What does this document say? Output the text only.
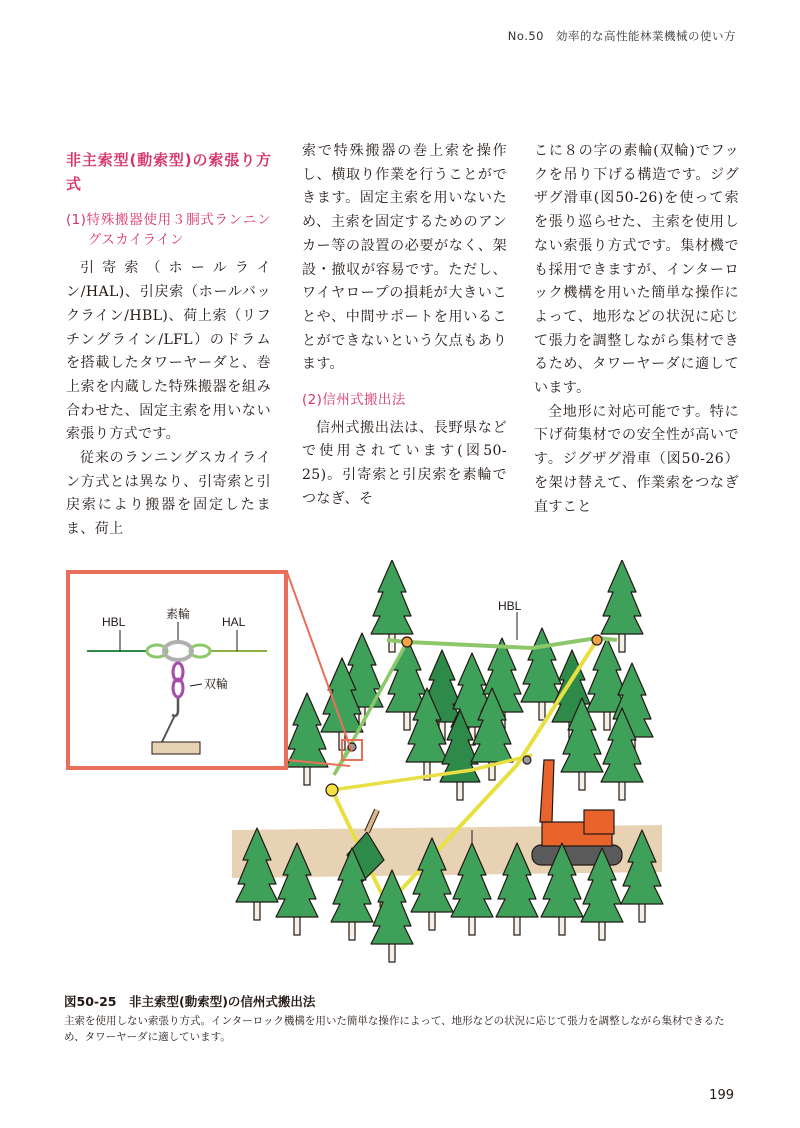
No.50　効率的な高性能林業機械の使い方
非主索型(動索型)の索張り方式
(1)特殊搬器使用３胴式ランニングスカイライン

引寄索（ホールライン/HAL)、引戻索（ホールバックライン/HBL)、荷上索（リフチングライン/LFL）のドラムを搭載したタワーヤーダと、巻上索を内蔵した特殊搬器を組み合わせた、固定主索を用いない索張り方式です。

従来のランニングスカイライン方式とは異なり、引寄索と引戻索により搬器を固定したまま、荷上

索で特殊搬器の巻上索を操作し、横取り作業を行うことができます。固定主索を用いないため、主索を固定するためのアンカー等の設置の必要がなく、架設・撤収が容易です。ただし、ワイヤロープの損耗が大きいことや、中間サポートを用いることができないという欠点もあります。

(2)信州式搬出法

信州式搬出法は、長野県などで使用されています(図50-25)。引寄索と引戻索を素輪でつなぎ、そ

こに８の字の素輪(双輪)でフックを吊り下げる構造です。ジグザグ滑車(図50-26)を使って索を張り巡らせた、主索を使用しない索張り方式です。集材機でも採用できますが、インターロック機構を用いた簡単な操作によって、地形などの状況に応じて張力を調整しながら集材できるため、タワーヤーダに適しています。

全地形に対応可能です。特に下げ荷集材での安全性が高いです。ジグザグ滑車（図50-26）を架け替えて、作業索をつなぎ直すこと

HBL
HBL
素輪
HAL
双輪
図50-25　非主索型(動索型)の信州式搬出法
主索を使用しない索張り方式。インターロック機構を用いた簡単な操作によって、地形などの状況に応じて張力を調整しながら集材できるため、タワーヤーダに適しています。
199
